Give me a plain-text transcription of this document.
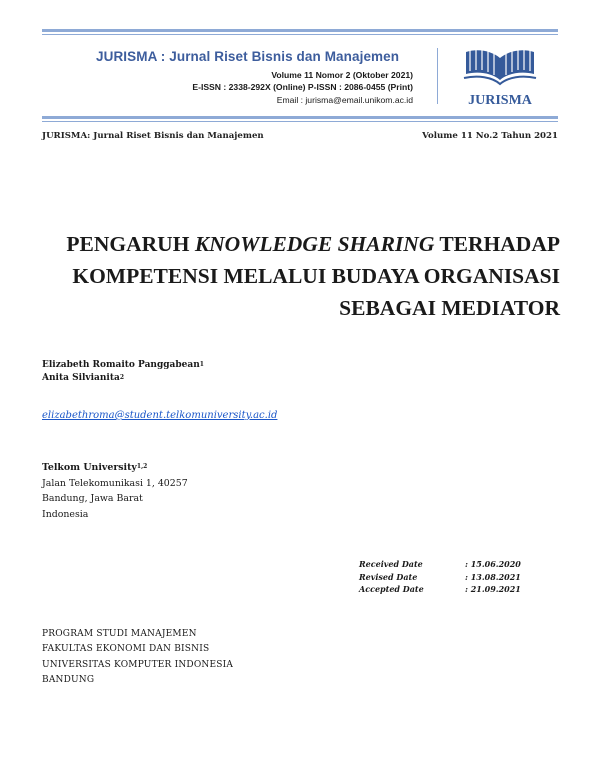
JURISMA : Jurnal Riset Bisnis dan Manajemen
Volume 11 Nomor 2 (Oktober 2021)
E-ISSN : 2338-292X (Online) P-ISSN : 2086-0455 (Print)
Email : jurisma@email.unikom.ac.id	JURISMA
JURISMA: Jurnal Riset Bisnis dan Manajemen	Volume 11 No.2 Tahun 2021
PENGARUH KNOWLEDGE SHARING TERHADAP
KOMPETENSI MELALUI BUDAYA ORGANISASI
SEBAGAI MEDIATOR
Elizabeth Romaito Panggabean$^1$
Anita Silvianita$^2$
elizabethroma@student.telkomuniversity.ac.id
Telkom University$^{1,2}$
Jalan Telekomunikasi 1, 40257
Bandung, Jawa Barat
Indonesia
Received Date	: 15.06.2020
Revised Date	: 13.08.2021
Accepted Date	: 21.09.2021
PROGRAM STUDI MANAJEMEN
FAKULTAS EKONOMI DAN BISNIS
UNIVERSITAS KOMPUTER INDONESIA
BANDUNG
